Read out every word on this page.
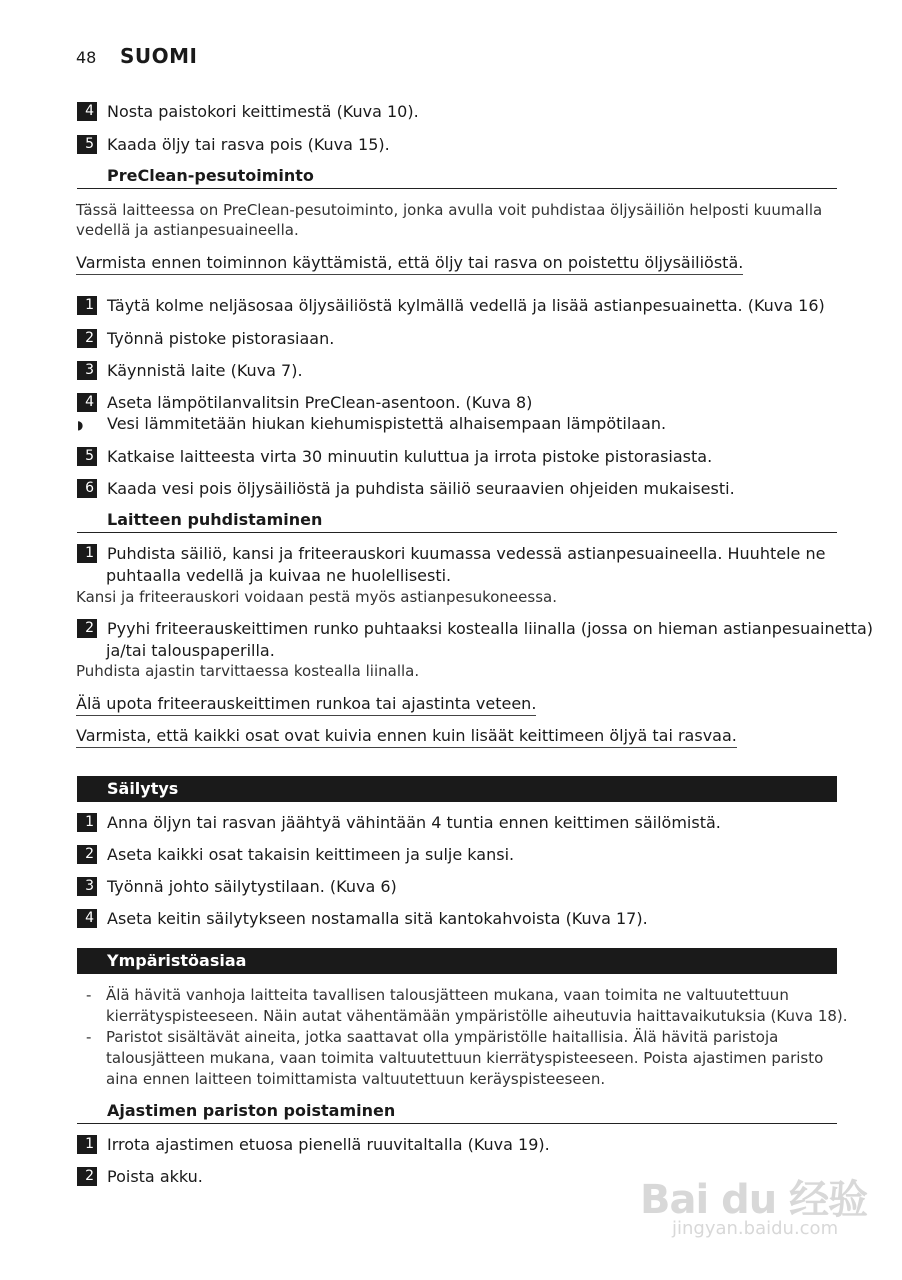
48 SUOMI
4 Nosta paistokori keittimestä (Kuva 10).
5 Kaada öljy tai rasva pois (Kuva 15).
PreClean-pesutoiminto
Tässä laitteessa on PreClean-pesutoiminto, jonka avulla voit puhdistaa öljysäiliön helposti kuumalla
vedellä ja astianpesuaineella.
Varmista ennen toiminnon käyttämistä, että öljy tai rasva on poistettu öljysäiliöstä.
1 Täytä kolme neljäsosaa öljysäiliöstä kylmällä vedellä ja lisää astianpesuainetta. (Kuva 16)
2 Työnnä pistoke pistorasiaan.
3 Käynnistä laite (Kuva 7).
4 Aseta lämpötilanvalitsin PreClean-asentoon. (Kuva 8)
◗ Vesi lämmitetään hiukan kiehumispistettä alhaisempaan lämpötilaan.
5 Katkaise laitteesta virta 30 minuutin kuluttua ja irrota pistoke pistorasiasta.
6 Kaada vesi pois öljysäiliöstä ja puhdista säiliö seuraavien ohjeiden mukaisesti.
Laitteen puhdistaminen
1 Puhdista säiliö, kansi ja friteerauskori kuumassa vedessä astianpesuaineella. Huuhtele ne
puhtaalla vedellä ja kuivaa ne huolellisesti.
Kansi ja friteerauskori voidaan pestä myös astianpesukoneessa.
2 Pyyhi friteerauskeittimen runko puhtaaksi kostealla liinalla (jossa on hieman astianpesuainetta)
ja/tai talouspaperilla.
Puhdista ajastin tarvittaessa kostealla liinalla.
Älä upota friteerauskeittimen runkoa tai ajastinta veteen.
Varmista, että kaikki osat ovat kuivia ennen kuin lisäät keittimeen öljyä tai rasvaa.
Säilytys
1 Anna öljyn tai rasvan jäähtyä vähintään 4 tuntia ennen keittimen säilömistä.
2 Aseta kaikki osat takaisin keittimeen ja sulje kansi.
3 Työnnä johto säilytystilaan. (Kuva 6)
4 Aseta keitin säilytykseen nostamalla sitä kantokahvoista (Kuva 17).
Ympäristöasiaa
- Älä hävitä vanhoja laitteita tavallisen talousjätteen mukana, vaan toimita ne valtuutettuun
kierrätyspisteeseen. Näin autat vähentämään ympäristölle aiheutuvia haittavaikutuksia (Kuva 18).
- Paristot sisältävät aineita, jotka saattavat olla ympäristölle haitallisia. Älä hävitä paristoja
talousjätteen mukana, vaan toimita valtuutettuun kierrätyspisteeseen. Poista ajastimen paristo
aina ennen laitteen toimittamista valtuutettuun keräyspisteeseen.
Ajastimen pariston poistaminen
1 Irrota ajastimen etuosa pienellä ruuvitaltalla (Kuva 19).
2 Poista akku.
Bai du 经验
jingyan.baidu.com
